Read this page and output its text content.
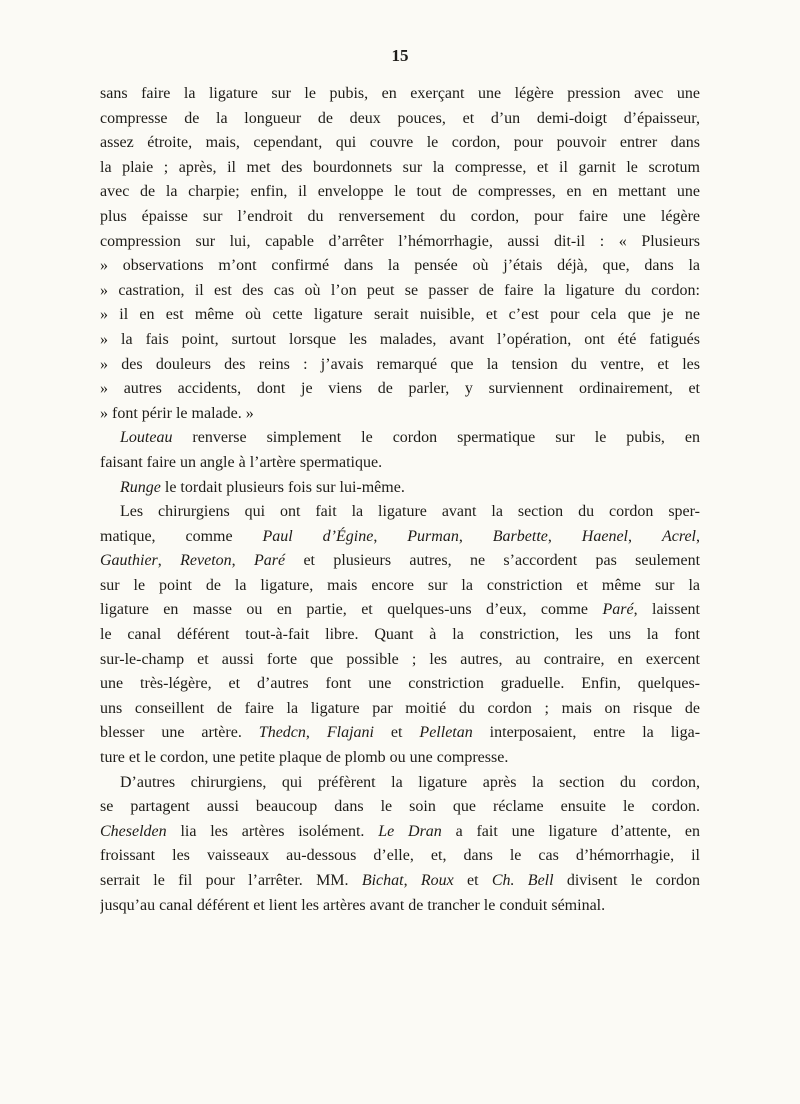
15
sans faire la ligature sur le pubis, en exerçant une légère pression avec une
compresse de la longueur de deux pouces, et d’un demi-doigt d’épaisseur,
assez étroite, mais, cependant, qui couvre le cordon, pour pouvoir entrer dans
la plaie ; après, il met des bourdonnets sur la compresse, et il garnit le scrotum
avec de la charpie; enfin, il enveloppe le tout de compresses, en en mettant une
plus épaisse sur l’endroit du renversement du cordon, pour faire une légère
compression sur lui, capable d’arrêter l’hémorrhagie, aussi dit-il : « Plusieurs
» observations m’ont confirmé dans la pensée où j’étais déjà, que, dans la
» castration, il est des cas où l’on peut se passer de faire la ligature du cordon:
» il en est même où cette ligature serait nuisible, et c’est pour cela que je ne
» la fais point, surtout lorsque les malades, avant l’opération, ont été fatigués
» des douleurs des reins : j’avais remarqué que la tension du ventre, et les
» autres accidents, dont je viens de parler, y surviennent ordinairement, et
» font périr le malade. »
Louteau renverse simplement le cordon spermatique sur le pubis, en
faisant faire un angle à l’artère spermatique.
Runge le tordait plusieurs fois sur lui-même.
Les chirurgiens qui ont fait la ligature avant la section du cordon sper-
matique, comme Paul d’Égine, Purman, Barbette, Haenel, Acrel,
Gauthier, Reveton, Paré et plusieurs autres, ne s’accordent pas seulement
sur le point de la ligature, mais encore sur la constriction et même sur la
ligature en masse ou en partie, et quelques-uns d’eux, comme Paré, laissent
le canal déférent tout-à-fait libre. Quant à la constriction, les uns la font
sur-le-champ et aussi forte que possible ; les autres, au contraire, en exercent
une très-légère, et d’autres font une constriction graduelle. Enfin, quelques-
uns conseillent de faire la ligature par moitié du cordon ; mais on risque de
blesser une artère. Thedcn, Flajani et Pelletan interposaient, entre la liga-
ture et le cordon, une petite plaque de plomb ou une compresse.
D’autres chirurgiens, qui préfèrent la ligature après la section du cordon,
se partagent aussi beaucoup dans le soin que réclame ensuite le cordon.
Cheselden lia les artères isolément. Le Dran a fait une ligature d’attente, en
froissant les vaisseaux au-dessous d’elle, et, dans le cas d’hémorrhagie, il
serrait le fil pour l’arrêter. MM. Bichat, Roux et Ch. Bell divisent le cordon
jusqu’au canal déférent et lient les artères avant de trancher le conduit séminal.
